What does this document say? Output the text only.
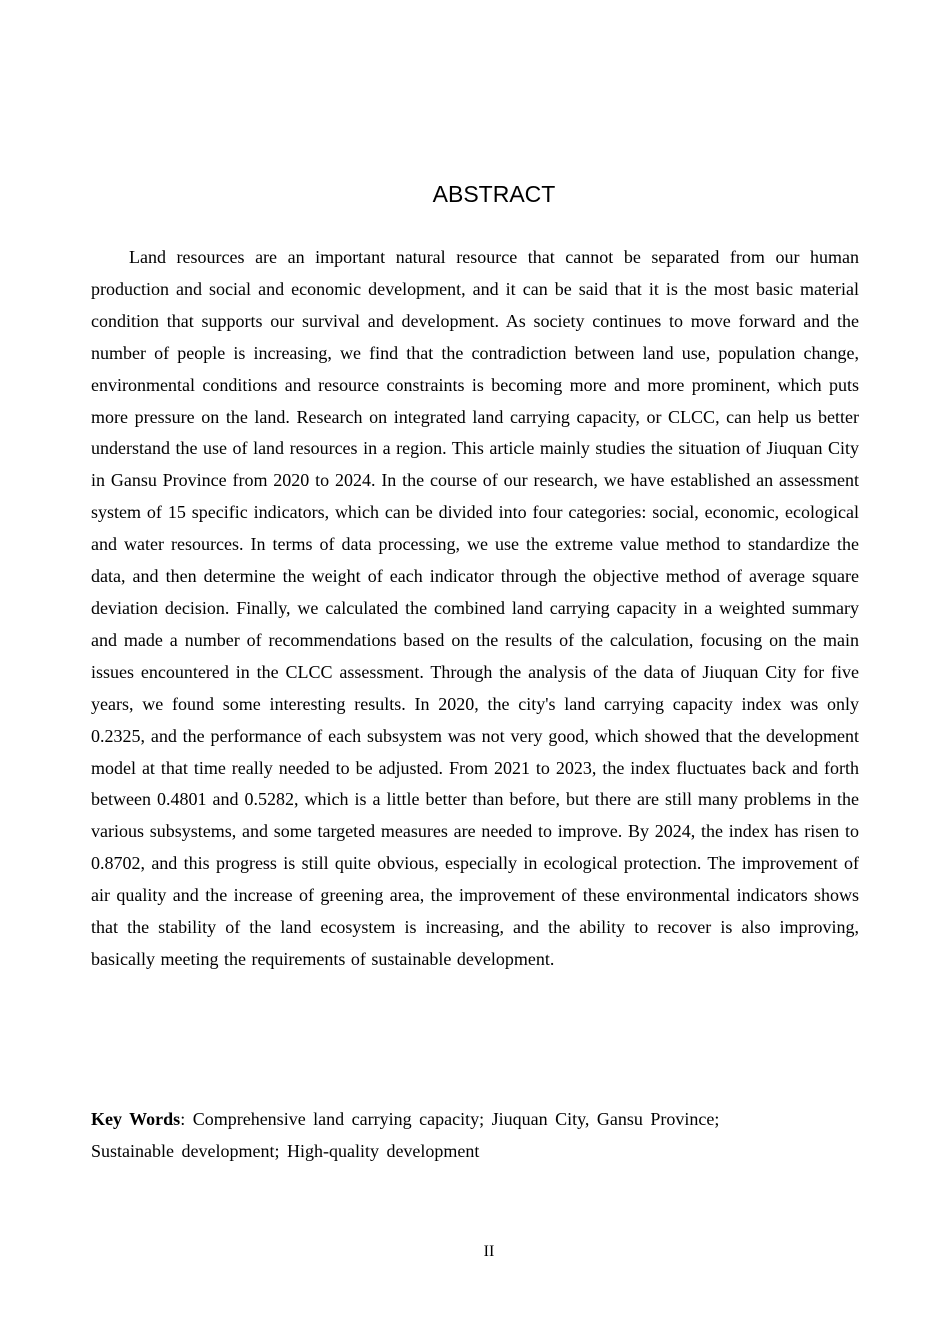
ABSTRACT

Land resources are an important natural resource that cannot be separated from our human production and social and economic development, and it can be said that it is the most basic material condition that supports our survival and development. As society continues to move forward and the number of people is increasing, we find that the contradiction between land use, population change, environmental conditions and resource constraints is becoming more and more prominent, which puts more pressure on the land. Research on integrated land carrying capacity, or CLCC, can help us better understand the use of land resources in a region. This article mainly studies the situation of Jiuquan City in Gansu Province from 2020 to 2024. In the course of our research, we have established an assessment system of 15 specific indicators, which can be divided into four categories: social, economic, ecological and water resources. In terms of data processing, we use the extreme value method to standardize the data, and then determine the weight of each indicator through the objective method of average square deviation decision. Finally, we calculated the combined land carrying capacity in a weighted summary and made a number of recommendations based on the results of the calculation, focusing on the main issues encountered in the CLCC assessment. Through the analysis of the data of Jiuquan City for five years, we found some interesting results. In 2020, the city's land carrying capacity index was only 0.2325, and the performance of each subsystem was not very good, which showed that the development model at that time really needed to be adjusted. From 2021 to 2023, the index fluctuates back and forth between 0.4801 and 0.5282, which is a little better than before, but there are still many problems in the various subsystems, and some targeted measures are needed to improve. By 2024, the index has risen to 0.8702, and this progress is still quite obvious, especially in ecological protection. The improvement of air quality and the increase of greening area, the improvement of these environmental indicators shows that the stability of the land ecosystem is increasing, and the ability to recover is also improving, basically meeting the requirements of sustainable development.

Key Words: Comprehensive land carrying capacity; Jiuquan City, Gansu Province;
Sustainable development; High-quality development

II
